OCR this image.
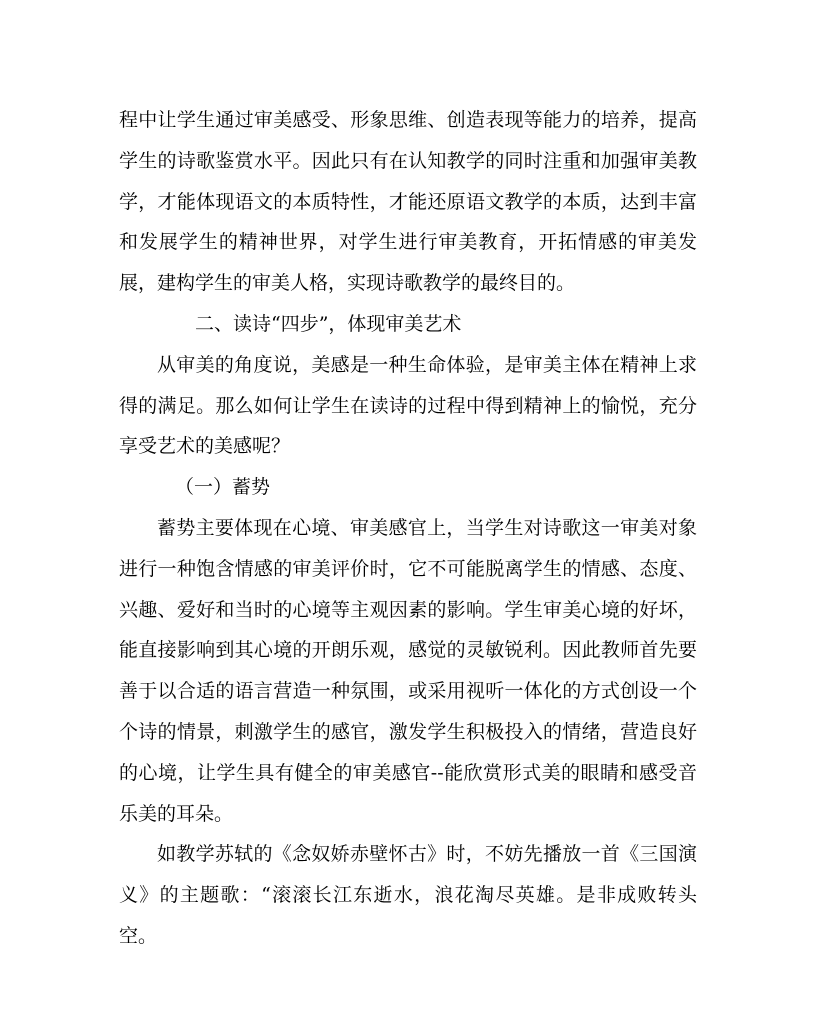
程中让学生通过审美感受、形象思维、创造表现等能力的培养，提高学生的诗歌鉴赏水平。因此只有在认知教学的同时注重和加强审美教学，才能体现语文的本质特性，才能还原语文教学的本质，达到丰富和发展学生的精神世界，对学生进行审美教育，开拓情感的审美发展，建构学生的审美人格，实现诗歌教学的最终目的。

二、读诗“四步”，体现审美艺术

从审美的角度说，美感是一种生命体验，是审美主体在精神上求得的满足。那么如何让学生在读诗的过程中得到精神上的愉悦，充分享受艺术的美感呢？

（一）蓄势

蓄势主要体现在心境、审美感官上，当学生对诗歌这一审美对象进行一种饱含情感的审美评价时，它不可能脱离学生的情感、态度、兴趣、爱好和当时的心境等主观因素的影响。学生审美心境的好坏，能直接影响到其心境的开朗乐观，感觉的灵敏锐利。因此教师首先要善于以合适的语言营造一种氛围，或采用视听一体化的方式创设一个个诗的情景，刺激学生的感官，激发学生积极投入的情绪，营造良好的心境，让学生具有健全的审美感官--能欣赏形式美的眼睛和感受音乐美的耳朵。

如教学苏轼的《念奴娇赤壁怀古》时，不妨先播放一首《三国演义》的主题歌：“滚滚长江东逝水，浪花淘尽英雄。是非成败转头空。
